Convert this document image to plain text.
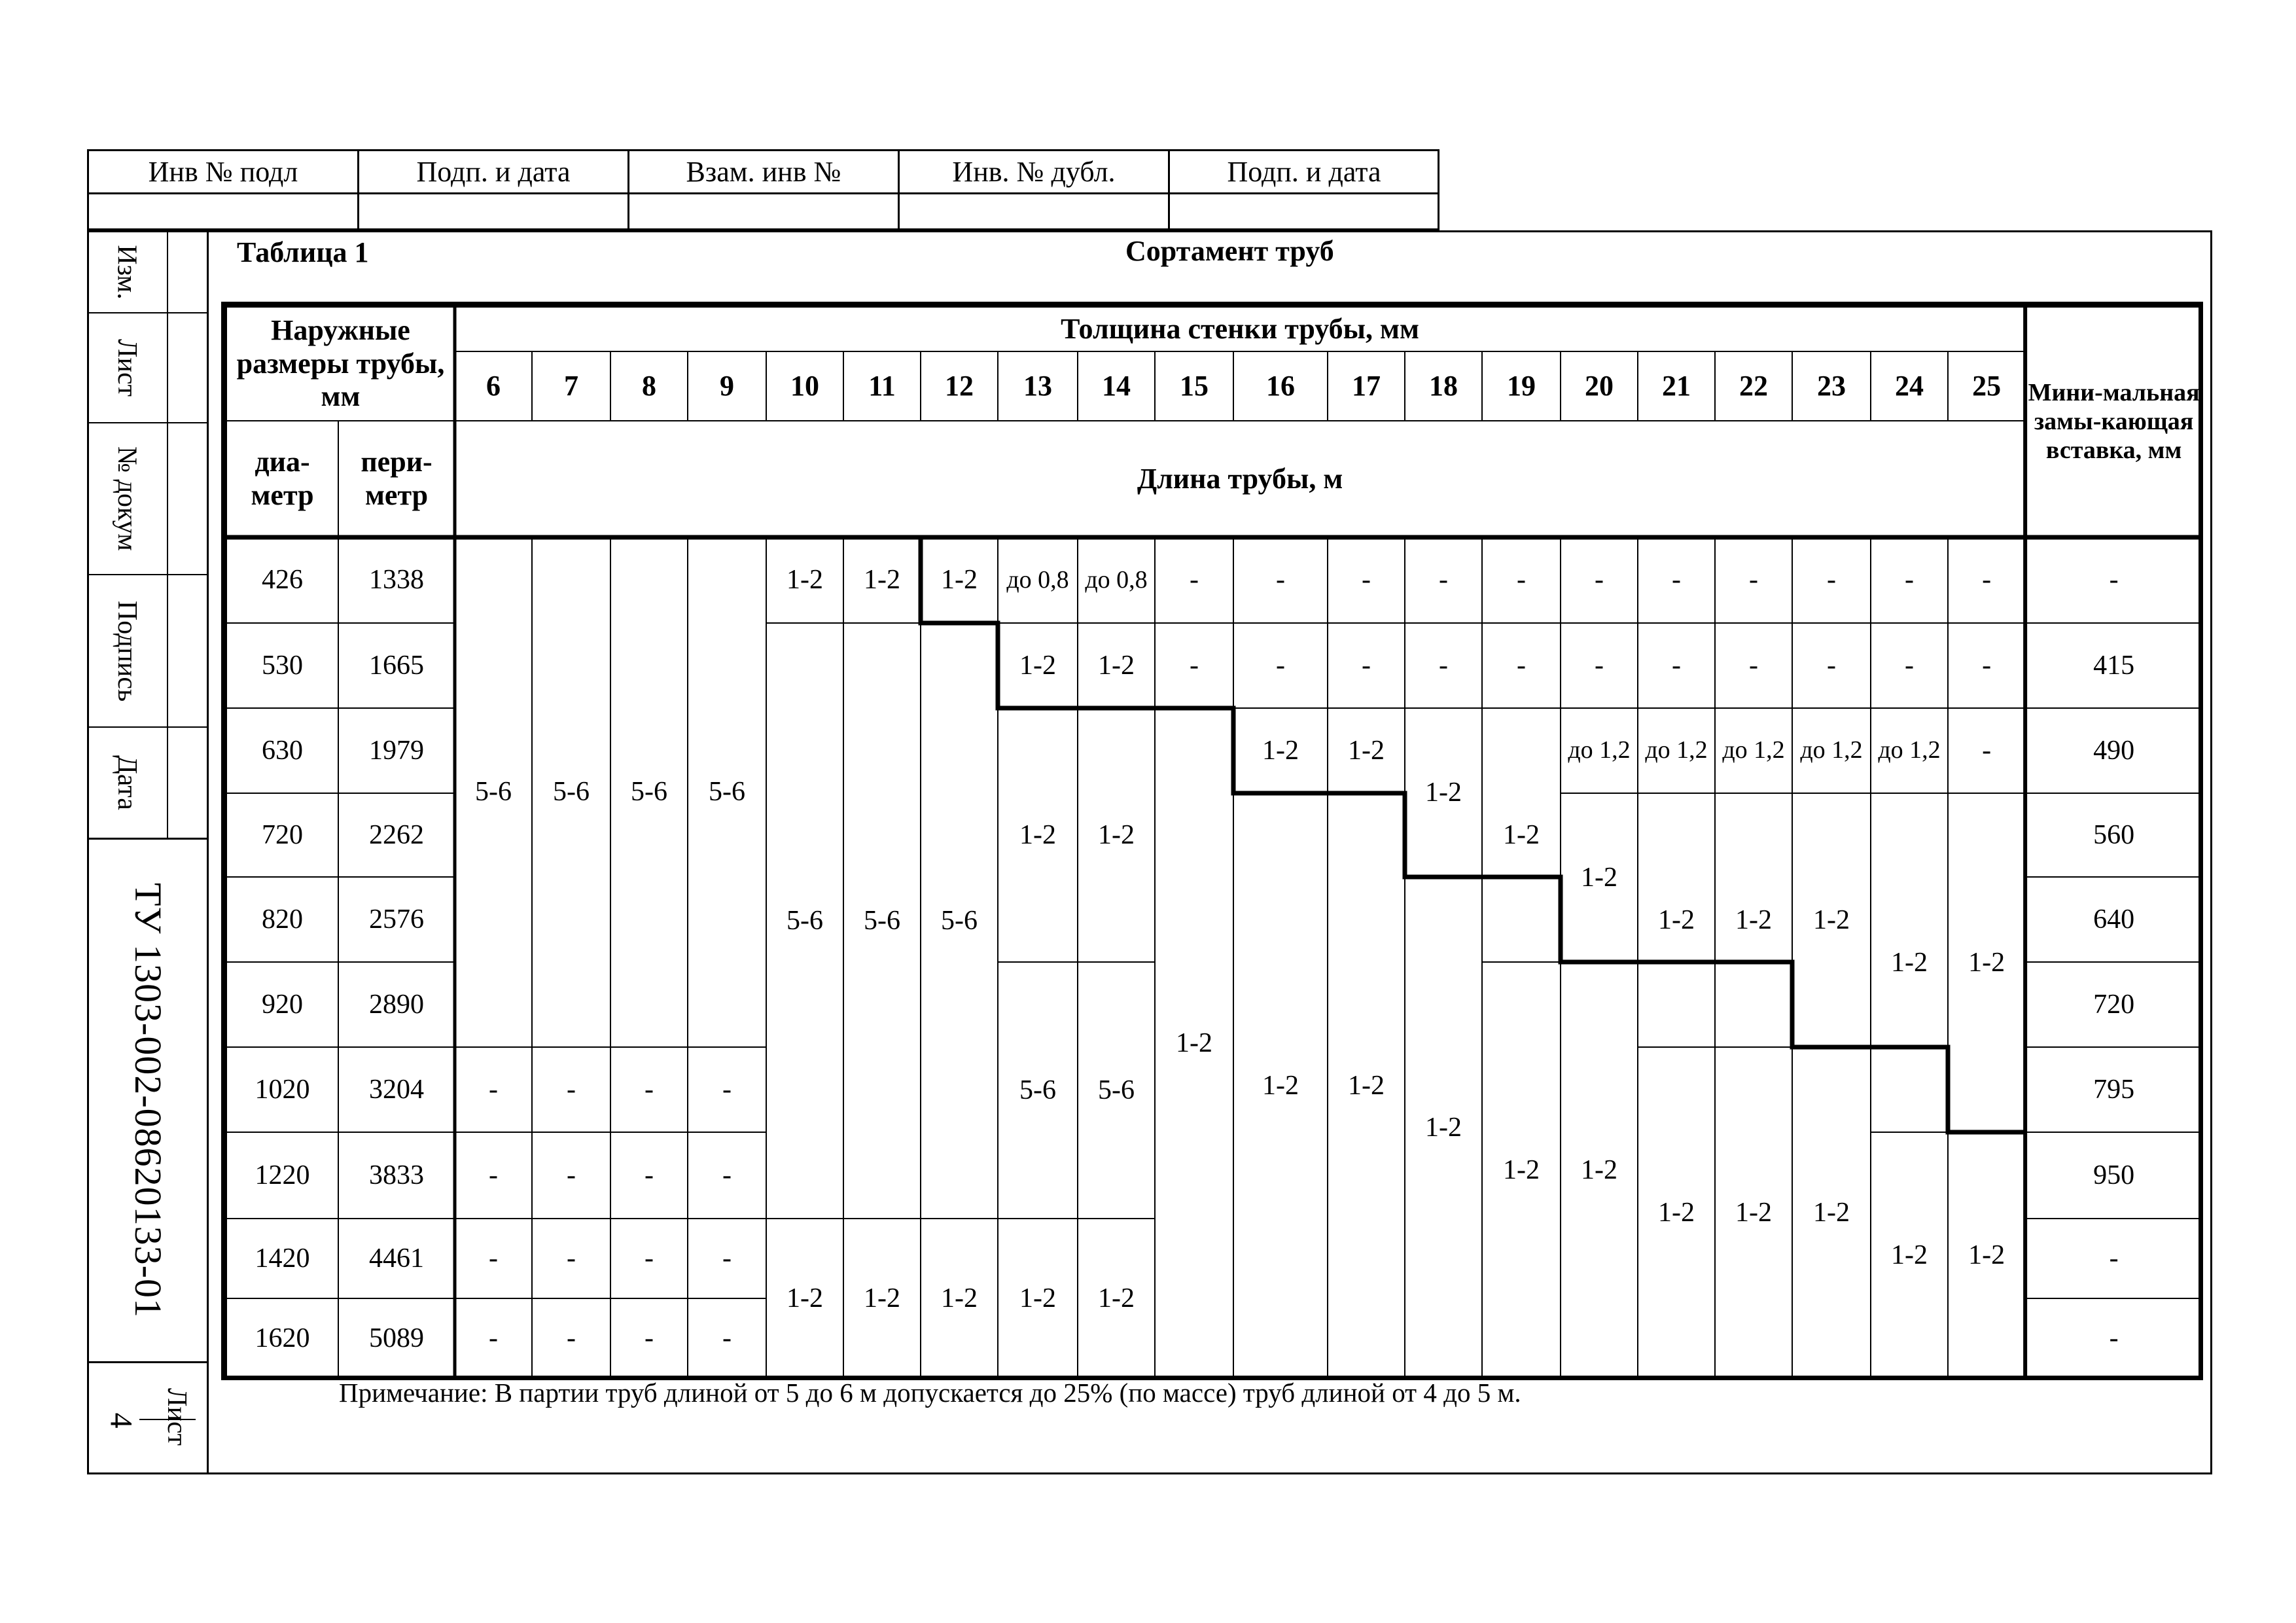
Инв № подл	Подп. и дата	Взам. инв №	Инв. № дубл.	Подп. и дата
Изм.
Лист
№ докум
Подпись
Дата
ТУ 1303-002-08620133-01
Лист
4
Таблица 1	Сортамент труб
Наружные размеры трубы, мм		Толщина стенки трубы, мм																				Мини-мальная замы-кающая вставка, мм
		6	7	8	9	10	11	12	13	14	15	16	17	18	19	20	21	22	23	24	25	
диа-метр	пери-метр	Длина трубы, м																				
426	1338	5-6	5-6	5-6	5-6	1-2	1-2	1-2	до 0,8	до 0,8	-	-	-	-	-	-	-	-	-	-	-	-
530	1665					5-6	5-6	5-6	1-2	1-2	-	-	-	-	-	-	-	-	-	-	-	415
630	1979								1-2	1-2	1-2	1-2	1-2	1-2	1-2	до 1,2	до 1,2	до 1,2	до 1,2	до 1,2	-	490
720	2262											1-2	1-2			1-2	1-2	1-2	1-2	1-2	1-2	560
820	2576													1-2								640
920	2890								5-6	5-6					1-2	1-2						720
1020	3204	-	-	-	-												1-2	1-2	1-2			795
1220	3833	-	-	-	-															1-2	1-2	950
1420	4461	-	-	-	-	1-2	1-2	1-2	1-2	1-2												-
1620	5089	-	-	-	-																	-
Примечание: В партии труб длиной от 5 до 6 м допускается до 25% (по массе) труб длиной от 4 до 5 м.
